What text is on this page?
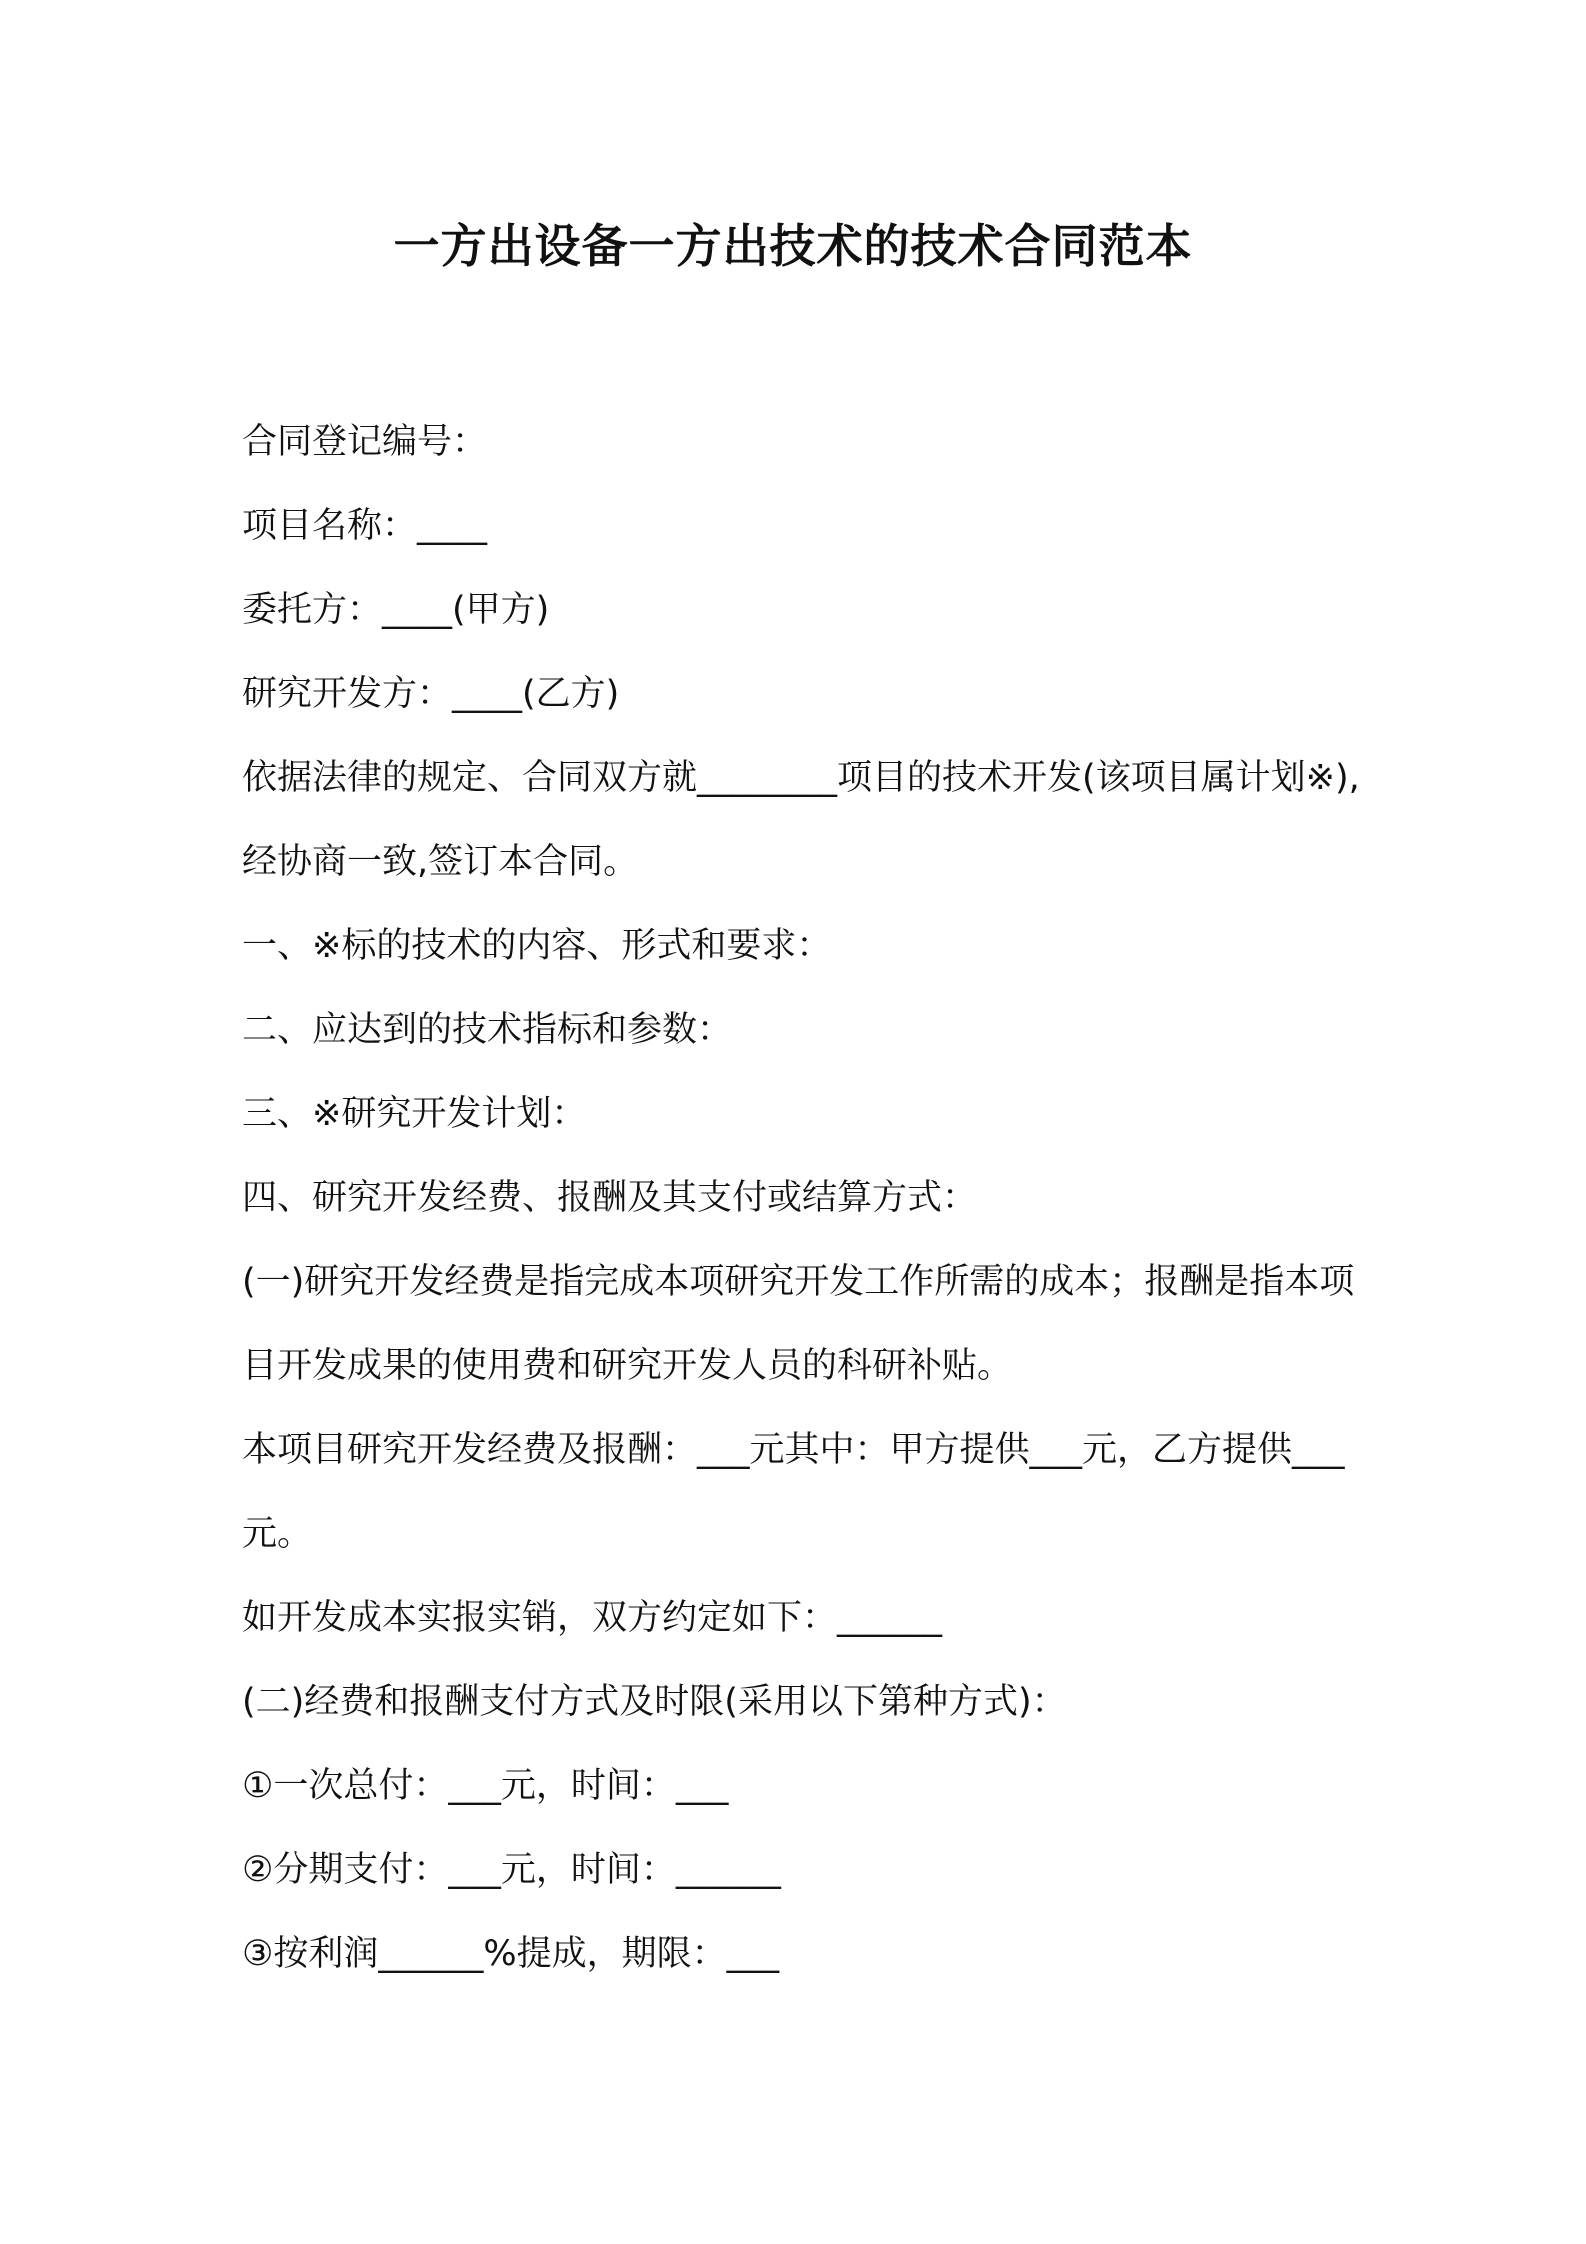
一方出设备一方出技术的技术合同范本

合同登记编号：

项目名称：____

委托方：____(甲方)

研究开发方：____(乙方)

依据法律的规定、合同双方就________项目的技术开发(该项目属计划※),经协商一致,签订本合同。

一、※标的技术的内容、形式和要求：

二、应达到的技术指标和参数：

三、※研究开发计划：

四、研究开发经费、报酬及其支付或结算方式：

(一)研究开发经费是指完成本项研究开发工作所需的成本；报酬是指本项目开发成果的使用费和研究开发人员的科研补贴。

本项目研究开发经费及报酬：___元其中：甲方提供___元，乙方提供___元。

如开发成本实报实销，双方约定如下：______

(二)经费和报酬支付方式及时限(采用以下第种方式)：

①一次总付：___元，时间：___

②分期支付：___元，时间：______

③按利润______%提成，期限：___
